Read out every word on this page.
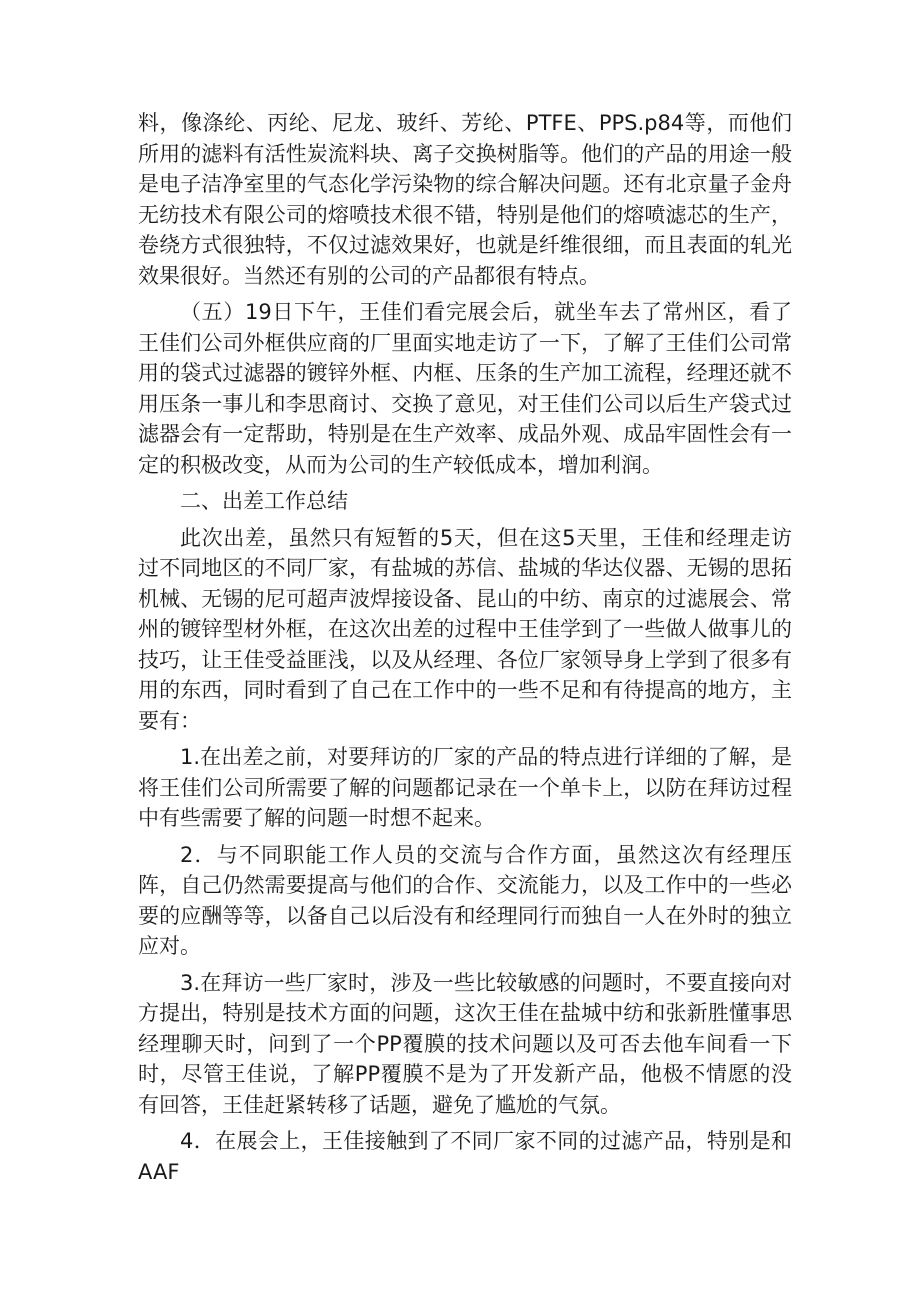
料，像涤纶、丙纶、尼龙、玻纤、芳纶、PTFE、PPS.p84等，而他们所用的滤料有活性炭流料块、离子交换树脂等。他们的产品的用途一般是电子洁净室里的气态化学污染物的综合解决问题。还有北京量子金舟无纺技术有限公司的熔喷技术很不错，特别是他们的熔喷滤芯的生产，卷绕方式很独特，不仅过滤效果好，也就是纤维很细，而且表面的轧光效果很好。当然还有别的公司的产品都很有特点。

（五）19日下午，王佳们看完展会后，就坐车去了常州区，看了王佳们公司外框供应商的厂里面实地走访了一下，了解了王佳们公司常用的袋式过滤器的镀锌外框、内框、压条的生产加工流程，经理还就不用压条一事儿和李思商讨、交换了意见，对王佳们公司以后生产袋式过滤器会有一定帮助，特别是在生产效率、成品外观、成品牢固性会有一定的积极改变，从而为公司的生产较低成本，增加利润。

二、出差工作总结

此次出差，虽然只有短暂的5天，但在这5天里，王佳和经理走访过不同地区的不同厂家，有盐城的苏信、盐城的华达仪器、无锡的思拓机械、无锡的尼可超声波焊接设备、昆山的中纺、南京的过滤展会、常州的镀锌型材外框，在这次出差的过程中王佳学到了一些做人做事儿的技巧，让王佳受益匪浅，以及从经理、各位厂家领导身上学到了很多有用的东西，同时看到了自己在工作中的一些不足和有待提高的地方，主要有：

1.在出差之前，对要拜访的厂家的产品的特点进行详细的了解，是将王佳们公司所需要了解的问题都记录在一个单卡上，以防在拜访过程中有些需要了解的问题一时想不起来。

2．与不同职能工作人员的交流与合作方面，虽然这次有经理压阵，自己仍然需要提高与他们的合作、交流能力，以及工作中的一些必要的应酬等等，以备自己以后没有和经理同行而独自一人在外时的独立应对。

3.在拜访一些厂家时，涉及一些比较敏感的问题时，不要直接向对方提出，特别是技术方面的问题，这次王佳在盐城中纺和张新胜懂事思经理聊天时，问到了一个PP覆膜的技术问题以及可否去他车间看一下时，尽管王佳说，了解PP覆膜不是为了开发新产品，他极不情愿的没有回答，王佳赶紧转移了话题，避免了尴尬的气氛。

4．在展会上，王佳接触到了不同厂家不同的过滤产品，特别是和AAF
